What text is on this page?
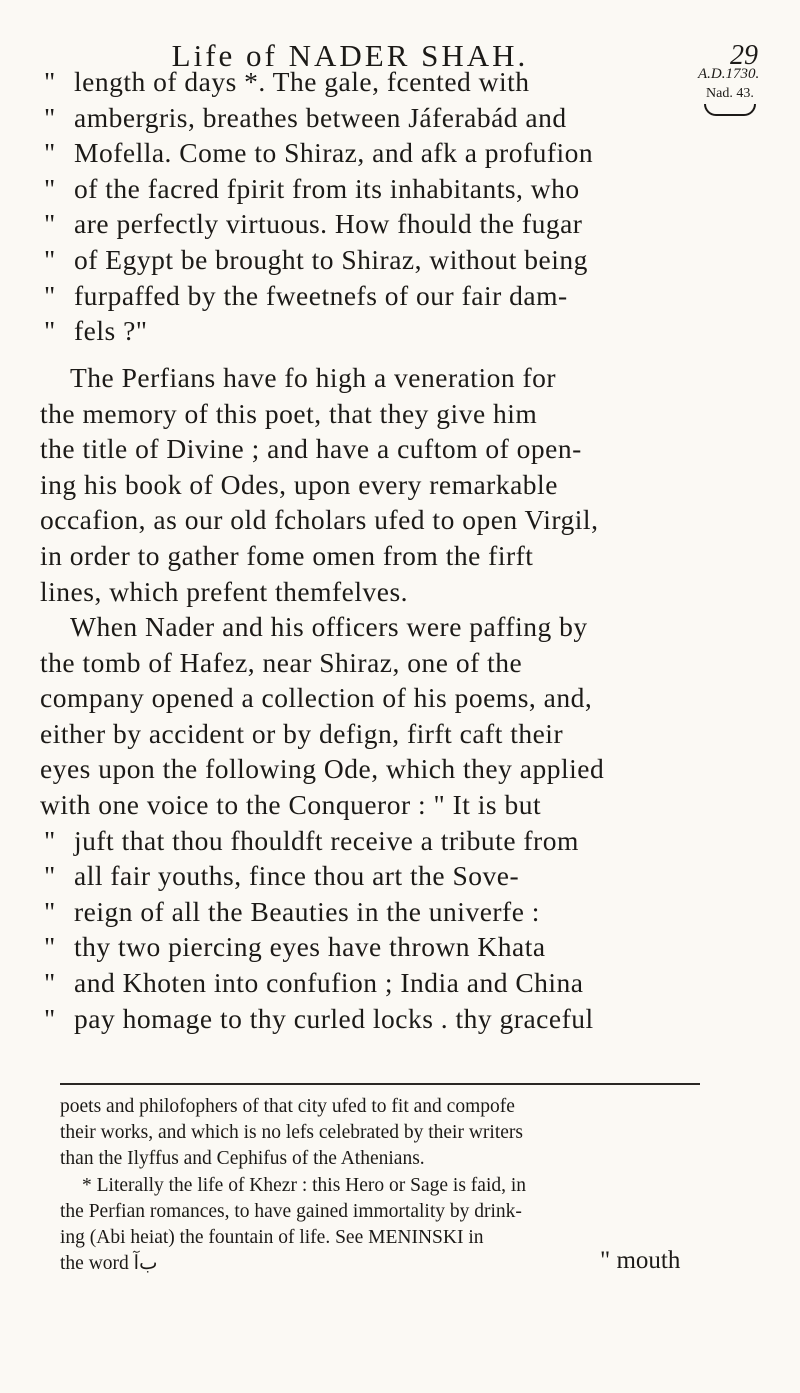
Life of NADER SHAH.	29
A.D.1730.
Nad. 43.
" length of days *. The gale, fcented with
" ambergris, breathes between Jáferabád and
" Mofella. Come to Shiraz, and afk a profufion
" of the facred fpirit from its inhabitants, who
" are perfectly virtuous. How fhould the fugar
" of Egypt be brought to Shiraz, without being
" furpaffed by the fweetnefs of our fair dam-
" fels ?"
The Perfians have fo high a veneration for
the memory of this poet, that they give him
the title of Divine ; and have a cuftom of open-
ing his book of Odes, upon every remarkable
occafion, as our old fcholars ufed to open Virgil,
in order to gather fome omen from the firft
lines, which prefent themfelves.
When Nader and his officers were paffing by
the tomb of Hafez, near Shiraz, one of the
company opened a collection of his poems, and,
either by accident or by defign, firft caft their
eyes upon the following Ode, which they applied
with one voice to the Conqueror : " It is but
" juft that thou fhouldft receive a tribute from
" all fair youths, fince thou art the Sove-
" reign of all the Beauties in the univerfe :
" thy two piercing eyes have thrown Khata
" and Khoten into confufion ; India and China
" pay homage to thy curled locks . thy graceful
poets and philofophers of that city ufed to fit and compofe
their works, and which is no lefs celebrated by their writers
than the Ilyffus and Cephifus of the Athenians.
* Literally the life of Khezr : this Hero or Sage is faid, in
the Perfian romances, to have gained immortality by drink-
ing (Abi heiat) the fountain of life. See MENINSKI in
the word ﺏﺁ	" mouth
